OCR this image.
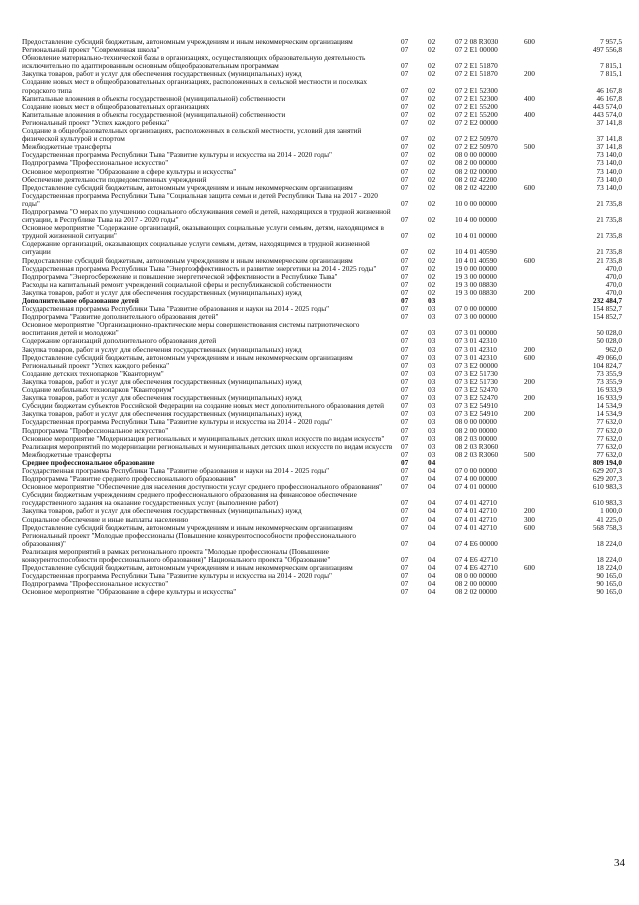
Предоставление субсидий бюджетным, автономным учреждениям и иным некоммерческим организациям	07	02	07 2 08 R3030	600	7 957,5
Региональный проект "Современная школа"	07	02	07 2 E1 00000		497 556,8
Обновление материально-технической базы в организациях, осуществляющих образовательную деятельность исключительно по адаптированным основным общеобразовательным программам	07	02	07 2 E1 51870		7 815,1
Закупка товаров, работ и услуг для обеспечения государственных (муниципальных) нужд	07	02	07 2 E1 51870	200	7 815,1
Создание новых мест в общеобразовательных организациях, расположенных в сельской местности и поселках городского типа	07	02	07 2 E1 52300		46 167,8
Капитальные вложения в объекты государственной (муниципальной) собственности	07	02	07 2 E1 52300	400	46 167,8
Создание новых мест в общеобразовательных организациях	07	02	07 2 E1 55200		443 574,0
Капитальные вложения в объекты государственной (муниципальной) собственности	07	02	07 2 E1 55200	400	443 574,0
Региональный проект "Успех каждого ребенка"	07	02	07 2 E2 00000		37 141,8
Создание в общеобразовательных организациях, расположенных в сельской местности, условий для занятий физической культурой и спортом	07	02	07 2 E2 50970		37 141,8
Межбюджетные трансферты	07	02	07 2 E2 50970	500	37 141,8
Государственная программа Республики Тыва "Развитие культуры и искусства на 2014 - 2020 годы"	07	02	08 0 00 00000		73 140,0
Подпрограмма "Профессиональное искусство"	07	02	08 2 00 00000		73 140,0
Основное мероприятие "Образование в сфере культуры и искусства"	07	02	08 2 02 00000		73 140,0
Обеспечение деятельности подведомственных учреждений	07	02	08 2 02 42200		73 140,0
Предоставление субсидий бюджетным, автономным учреждениям и иным некоммерческим организациям	07	02	08 2 02 42200	600	73 140,0
Государственная программа Республики Тыва "Социальная защита семьи и детей Республики Тыва на 2017 - 2020 годы"	07	02	10 0 00 00000		21 735,8
Подпрограмма "О мерах по улучшению социального обслуживания семей и детей, находящихся в трудной жизненной ситуации, в Республике Тыва на 2017 - 2020 годы"	07	02	10 4 00 00000		21 735,8
Основное мероприятие "Содержание организаций, оказывающих социальные услуги семьям, детям, находящимся в трудной жизненной ситуации"	07	02	10 4 01 00000		21 735,8
Содержание организаций, оказывающих социальные услуги семьям, детям, находящимся в трудной жизненной ситуации	07	02	10 4 01 40590		21 735,8
Предоставление субсидий бюджетным, автономным учреждениям и иным некоммерческим организациям	07	02	10 4 01 40590	600	21 735,8
Государственная программа Республики Тыва "Энергоэффективность и развитие энергетики на 2014 - 2025 годы"	07	02	19 0 00 00000		470,0
Подпрограмма "Энергосбережение и повышение энергетической эффективности в Республике Тыва"	07	02	19 3 00 00000		470,0
Расходы на капитальный ремонт учреждений социальной сферы и республиканской собственности	07	02	19 3 00 08830		470,0
Закупка товаров, работ и услуг для обеспечения государственных (муниципальных) нужд	07	02	19 3 00 08830	200	470,0
Дополнительное образование детей	07	03			232 484,7
Государственная программа Республики Тыва "Развитие образования и науки на 2014 - 2025 годы"	07	03	07 0 00 00000		154 852,7
Подпрограмма "Развитие дополнительного образования детей"	07	03	07 3 00 00000		154 852,7
Основное мероприятие "Организационно-практические меры совершенствования системы патриотического воспитания детей и молодежи"	07	03	07 3 01 00000		50 028,0
Содержание организаций дополнительного образования детей	07	03	07 3 01 42310		50 028,0
Закупка товаров, работ и услуг для обеспечения государственных (муниципальных) нужд	07	03	07 3 01 42310	200	962,0
Предоставление субсидий бюджетным, автономным учреждениям и иным некоммерческим организациям	07	03	07 3 01 42310	600	49 066,0
Региональный проект "Успех каждого ребенка"	07	03	07 3 E2 00000		104 824,7
Создание детских технопарков "Кванториум"	07	03	07 3 E2 51730		73 355,9
Закупка товаров, работ и услуг для обеспечения государственных (муниципальных) нужд	07	03	07 3 E2 51730	200	73 355,9
Создание мобильных технопарков "Кванториум"	07	03	07 3 E2 52470		16 933,9
Закупка товаров, работ и услуг для обеспечения государственных (муниципальных) нужд	07	03	07 3 E2 52470	200	16 933,9
Субсидии бюджетам субъектов Российской Федерации на создание новых мест дополнительного образования детей	07	03	07 3 E2 54910		14 534,9
Закупка товаров, работ и услуг для обеспечения государственных (муниципальных) нужд	07	03	07 3 E2 54910	200	14 534,9
Государственная программа Республики Тыва "Развитие культуры и искусства на 2014 - 2020 годы"	07	03	08 0 00 00000		77 632,0
Подпрограмма "Профессиональное искусство"	07	03	08 2 00 00000		77 632,0
Основное мероприятие "Модернизация региональных и муниципальных детских школ искусств по видам искусств"	07	03	08 2 03 00000		77 632,0
Реализация мероприятий по модернизации региональных и муниципальных детских школ искусств по видам искусств	07	03	08 2 03 R3060		77 632,0
Межбюджетные трансферты	07	03	08 2 03 R3060	500	77 632,0
Среднее профессиональное образование	07	04			809 194,0
Государственная программа Республики Тыва "Развитие образования и науки на 2014 - 2025 годы"	07	04	07 0 00 00000		629 207,3
Подпрограмма "Развитие среднего профессионального образования"	07	04	07 4 00 00000		629 207,3
Основное мероприятие "Обеспечение для населения доступности услуг среднего профессионального образования"	07	04	07 4 01 00000		610 983,3
Субсидии бюджетным учреждениям среднего профессионального образования на финансовое обеспечение государственного задания на оказание государственных услуг (выполнение работ)	07	04	07 4 01 42710		610 983,3
Закупка товаров, работ и услуг для обеспечения государственных (муниципальных) нужд	07	04	07 4 01 42710	200	1 000,0
Социальное обеспечение и иные выплаты населению	07	04	07 4 01 42710	300	41 225,0
Предоставление субсидий бюджетным, автономным учреждениям и иным некоммерческим организациям	07	04	07 4 01 42710	600	568 758,3
Региональный проект "Молодые профессионалы (Повышение конкурентоспособности профессионального образования)"	07	04	07 4 E6 00000		18 224,0
Реализация мероприятий в рамках регионального проекта "Молодые профессионалы (Повышение конкурентоспособности профессионального образования)" Национального проекта "Образование"	07	04	07 4 E6 42710		18 224,0
Предоставление субсидий бюджетным, автономным учреждениям и иным некоммерческим организациям	07	04	07 4 E6 42710	600	18 224,0
Государственная программа Республики Тыва "Развитие культуры и искусства на 2014 - 2020 годы"	07	04	08 0 00 00000		90 165,0
Подпрограмма "Профессиональное искусство"	07	04	08 2 00 00000		90 165,0
Основное мероприятие "Образование в сфере культуры и искусства"	07	04	08 2 02 00000		90 165,0
34
